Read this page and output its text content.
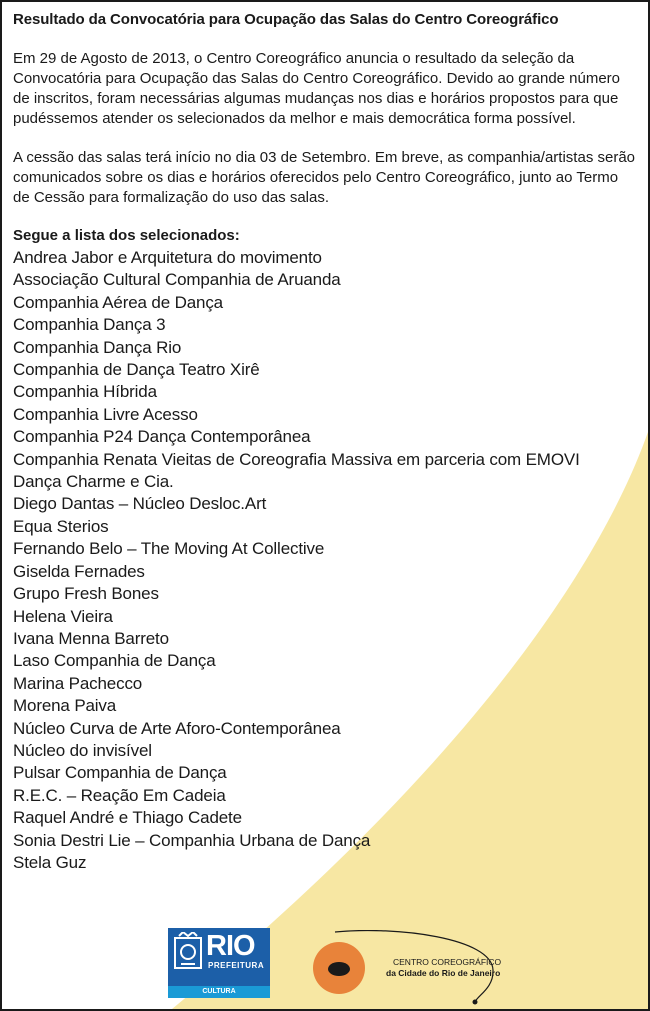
Resultado da Convocatória para Ocupação das Salas do Centro Coreográfico

Em 29 de Agosto de 2013, o Centro Coreográfico anuncia o resultado da seleção da Convocatória para Ocupação das Salas do Centro Coreográfico. Devido ao grande número de inscritos, foram necessárias algumas mudanças nos dias e horários propostos para que pudéssemos atender os selecionados da melhor e mais democrática forma possível.

A cessão das salas terá início no dia 03 de Setembro. Em breve, as companhia/artistas serão comunicados sobre os dias e horários oferecidos pelo Centro Coreográfico, junto ao Termo de Cessão para formalização do uso das salas.

Segue a lista dos selecionados:
Andrea Jabor e Arquitetura do movimento
Associação Cultural Companhia de Aruanda
Companhia Aérea de Dança
Companhia Dança 3
Companhia Dança Rio
Companhia de Dança Teatro Xirê
Companhia Híbrida
Companhia Livre Acesso
Companhia P24 Dança Contemporânea
Companhia Renata Vieitas de Coreografia Massiva em parceria com EMOVI
Dança Charme e Cia.
Diego Dantas – Núcleo Desloc.Art
Equa Sterios
Fernando Belo – The Moving At Collective
Giselda Fernades
Grupo Fresh Bones
Helena Vieira
Ivana Menna Barreto
Laso Companhia de Dança
Marina Pachecco
Morena Paiva
Núcleo Curva de Arte Aforo-Contemporânea
Núcleo do invisível
Pulsar Companhia de Dança
R.E.C. – Reação Em Cadeia
Raquel André e Thiago Cadete
Sonia Destri Lie – Companhia Urbana de Dança
Stela Guz
RIO
PREFEITURA
CULTURA
CENTRO COREOGRÁFICO
da Cidade do Rio de Janeiro
